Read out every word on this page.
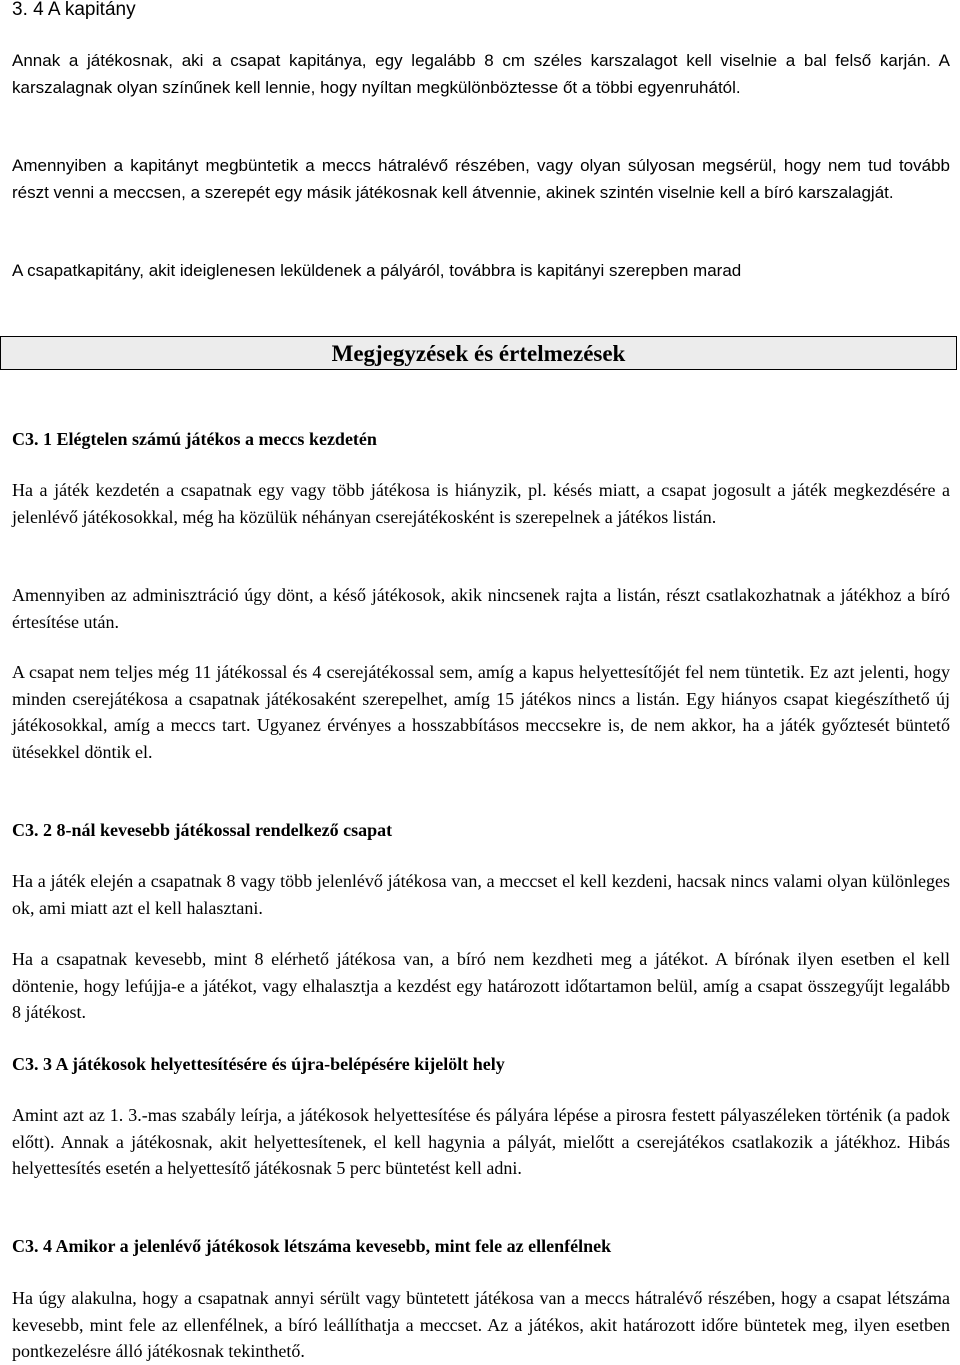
3. 4 A kapitány

Annak a játékosnak, aki a csapat kapitánya, egy legalább 8 cm széles karszalagot kell viselnie a bal felső karján. A karszalagnak olyan színűnek kell lennie, hogy nyíltan megkülönböztesse őt a többi egyenruhától.

Amennyiben a kapitányt megbüntetik a meccs hátralévő részében, vagy olyan súlyosan megsérül, hogy nem tud tovább részt venni a meccsen, a szerepét egy másik játékosnak kell átvennie, akinek szintén viselnie kell a bíró karszalagját.

A csapatkapitány, akit ideiglenesen leküldenek a pályáról, továbbra is kapitányi szerepben marad

Megjegyzések és értelmezések
C3. 1 Elégtelen számú játékos a meccs kezdetén

Ha a játék kezdetén a csapatnak egy vagy több játékosa is hiányzik, pl. késés miatt, a csapat jogosult a játék megkezdésére a jelenlévő játékosokkal, még ha közülük néhányan cserejátékosként is szerepelnek a játékos listán.

Amennyiben az adminisztráció úgy dönt, a késő játékosok, akik nincsenek rajta a listán, részt csatlakozhatnak a játékhoz a bíró értesítése után.

A csapat nem teljes még 11 játékossal és 4 cserejátékossal sem, amíg a kapus helyettesítőjét fel nem tüntetik. Ez azt jelenti, hogy minden cserejátékosa a csapatnak játékosaként szerepelhet, amíg 15 játékos nincs a listán. Egy hiányos csapat kiegészíthető új játékosokkal, amíg a meccs tart. Ugyanez érvényes a hosszabbításos meccsekre is, de nem akkor, ha a játék győztesét büntető ütésekkel döntik el.

C3. 2 8-nál kevesebb játékossal rendelkező csapat

Ha a játék elején a csapatnak 8 vagy több jelenlévő játékosa van, a meccset el kell kezdeni, hacsak nincs valami olyan különleges ok, ami miatt azt el kell halasztani.

Ha a csapatnak kevesebb, mint 8 elérhető játékosa van, a bíró nem kezdheti meg a játékot. A bírónak ilyen esetben el kell döntenie, hogy lefújja-e a játékot, vagy elhalasztja a kezdést egy határozott időtartamon belül, amíg a csapat összegyűjt legalább 8 játékost.

C3. 3 A játékosok helyettesítésére és újra-belépésére kijelölt hely

Amint azt az 1. 3.-mas szabály leírja, a játékosok helyettesítése és pályára lépése a pirosra festett pályaszéleken történik (a padok előtt). Annak a játékosnak, akit helyettesítenek, el kell hagynia a pályát, mielőtt a cserejátékos csatlakozik a játékhoz. Hibás helyettesítés esetén a helyettesítő játékosnak 5 perc büntetést kell adni.

C3. 4 Amikor a jelenlévő játékosok létszáma kevesebb, mint fele az ellenfélnek

Ha úgy alakulna, hogy a csapatnak annyi sérült vagy büntetett játékosa van a meccs hátralévő részében, hogy a csapat létszáma kevesebb, mint fele az ellenfélnek, a bíró leállíthatja a meccset. Az a játékos, akit határozott időre büntetek meg, ilyen esetben pontkezelésre álló játékosnak tekinthető.
